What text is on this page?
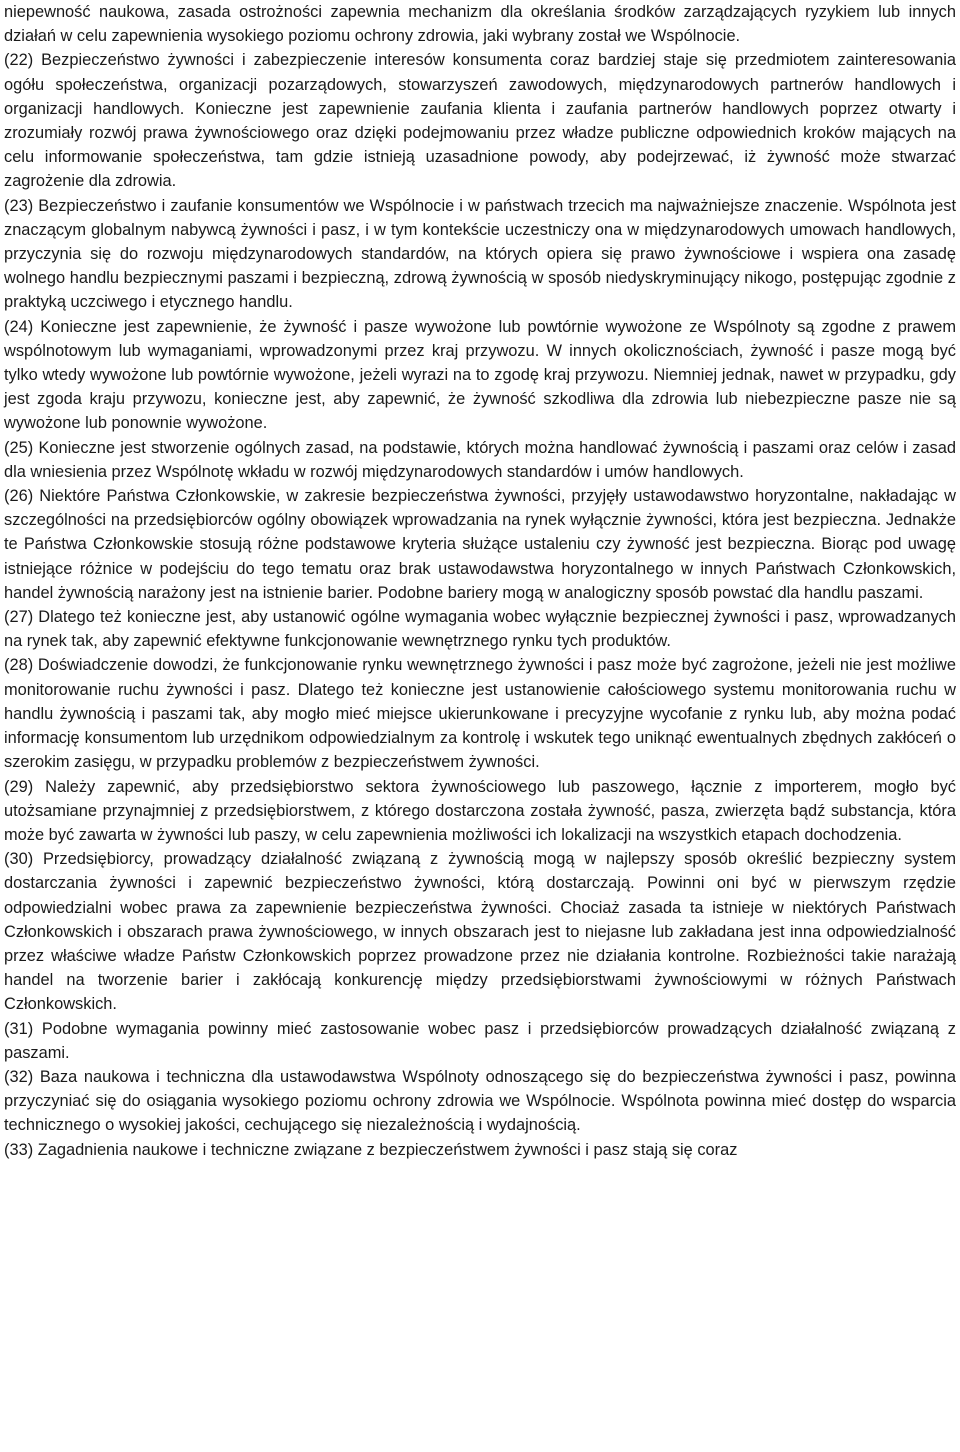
niepewność naukowa, zasada ostrożności zapewnia mechanizm dla określania środków zarządzających ryzykiem lub innych działań w celu zapewnienia wysokiego poziomu ochrony zdrowia, jaki wybrany został we Wspólnocie.

(22) Bezpieczeństwo żywności i zabezpieczenie interesów konsumenta coraz bardziej staje się przedmiotem zainteresowania ogółu społeczeństwa, organizacji pozarządowych, stowarzyszeń zawodowych, międzynarodowych partnerów handlowych i organizacji handlowych. Konieczne jest zapewnienie zaufania klienta i zaufania partnerów handlowych poprzez otwarty i zrozumiały rozwój prawa żywnościowego oraz dzięki podejmowaniu przez władze publiczne odpowiednich kroków mających na celu informowanie społeczeństwa, tam gdzie istnieją uzasadnione powody, aby podejrzewać, iż żywność może stwarzać zagrożenie dla zdrowia.

(23) Bezpieczeństwo i zaufanie konsumentów we Wspólnocie i w państwach trzecich ma najważniejsze znaczenie. Wspólnota jest znaczącym globalnym nabywcą żywności i pasz, i w tym kontekście uczestniczy ona w międzynarodowych umowach handlowych, przyczynia się do rozwoju międzynarodowych standardów, na których opiera się prawo żywnościowe i wspiera ona zasadę wolnego handlu bezpiecznymi paszami i bezpieczną, zdrową żywnością w sposób niedyskryminujący nikogo, postępując zgodnie z praktyką uczciwego i etycznego handlu.

(24) Konieczne jest zapewnienie, że żywność i pasze wywożone lub powtórnie wywożone ze Wspólnoty są zgodne z prawem wspólnotowym lub wymaganiami, wprowadzonymi przez kraj przywozu. W innych okolicznościach, żywność i pasze mogą być tylko wtedy wywożone lub powtórnie wywożone, jeżeli wyrazi na to zgodę kraj przywozu. Niemniej jednak, nawet w przypadku, gdy jest zgoda kraju przywozu, konieczne jest, aby zapewnić, że żywność szkodliwa dla zdrowia lub niebezpieczne pasze nie są wywożone lub ponownie wywożone.

(25) Konieczne jest stworzenie ogólnych zasad, na podstawie, których można handlować żywnością i paszami oraz celów i zasad dla wniesienia przez Wspólnotę wkładu w rozwój międzynarodowych standardów i umów handlowych.

(26) Niektóre Państwa Członkowskie, w zakresie bezpieczeństwa żywności, przyjęły ustawodawstwo horyzontalne, nakładając w szczególności na przedsiębiorców ogólny obowiązek wprowadzania na rynek wyłącznie żywności, która jest bezpieczna. Jednakże te Państwa Członkowskie stosują różne podstawowe kryteria służące ustaleniu czy żywność jest bezpieczna. Biorąc pod uwagę istniejące różnice w podejściu do tego tematu oraz brak ustawodawstwa horyzontalnego w innych Państwach Członkowskich, handel żywnością narażony jest na istnienie barier. Podobne bariery mogą w analogiczny sposób powstać dla handlu paszami.

(27) Dlatego też konieczne jest, aby ustanowić ogólne wymagania wobec wyłącznie bezpiecznej żywności i pasz, wprowadzanych na rynek tak, aby zapewnić efektywne funkcjonowanie wewnętrznego rynku tych produktów.

(28) Doświadczenie dowodzi, że funkcjonowanie rynku wewnętrznego żywności i pasz może być zagrożone, jeżeli nie jest możliwe monitorowanie ruchu żywności i pasz. Dlatego też konieczne jest ustanowienie całościowego systemu monitorowania ruchu w handlu żywnością i paszami tak, aby mogło mieć miejsce ukierunkowane i precyzyjne wycofanie z rynku lub, aby można podać informację konsumentom lub urzędnikom odpowiedzialnym za kontrolę i wskutek tego uniknąć ewentualnych zbędnych zakłóceń o szerokim zasięgu, w przypadku problemów z bezpieczeństwem żywności.

(29) Należy zapewnić, aby przedsiębiorstwo sektora żywnościowego lub paszowego, łącznie z importerem, mogło być utożsamiane przynajmniej z przedsiębiorstwem, z którego dostarczona została żywność, pasza, zwierzęta bądź substancja, która może być zawarta w żywności lub paszy, w celu zapewnienia możliwości ich lokalizacji na wszystkich etapach dochodzenia.

(30) Przedsiębiorcy, prowadzący działalność związaną z żywnością mogą w najlepszy sposób określić bezpieczny system dostarczania żywności i zapewnić bezpieczeństwo żywności, którą dostarczają. Powinni oni być w pierwszym rzędzie odpowiedzialni wobec prawa za zapewnienie bezpieczeństwa żywności. Chociaż zasada ta istnieje w niektórych Państwach Członkowskich i obszarach prawa żywnościowego, w innych obszarach jest to niejasne lub zakładana jest inna odpowiedzialność przez właściwe władze Państw Członkowskich poprzez prowadzone przez nie działania kontrolne. Rozbieżności takie narażają handel na tworzenie barier i zakłócają konkurencję między przedsiębiorstwami żywnościowymi w różnych Państwach Członkowskich.

(31) Podobne wymagania powinny mieć zastosowanie wobec pasz i przedsiębiorców prowadzących działalność związaną z paszami.

(32) Baza naukowa i techniczna dla ustawodawstwa Wspólnoty odnoszącego się do bezpieczeństwa żywności i pasz, powinna przyczyniać się do osiągania wysokiego poziomu ochrony zdrowia we Wspólnocie. Wspólnota powinna mieć dostęp do wsparcia technicznego o wysokiej jakości, cechującego się niezależnością i wydajnością.

(33) Zagadnienia naukowe i techniczne związane z bezpieczeństwem żywności i pasz stają się coraz
